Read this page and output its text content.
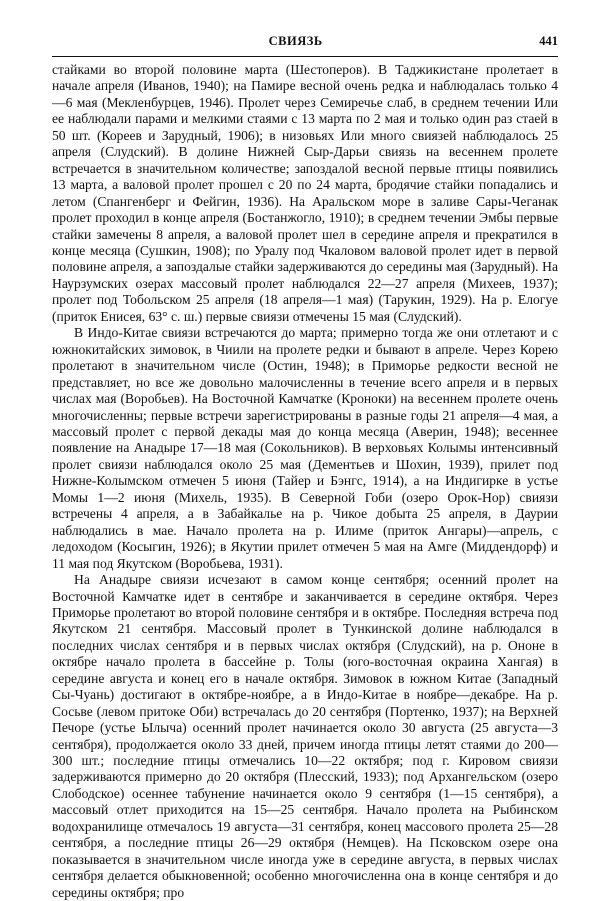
СВИЯЗЬ	441

стайками во второй половине марта (Шестоперов). В Таджикистане пролетает в начале апреля (Иванов, 1940); на Памире весной очень редка и наблюдалась только 4—6 мая (Мекленбурцев, 1946). Пролет через Семиречье слаб, в среднем течении Или ее наблюдали парами и мелкими стаями с 13 марта по 2 мая и только один раз стаей в 50 шт. (Кореев и Зарудный, 1906); в низовьях Или много свиязей наблюдалось 25 апреля (Слудский). В долине Нижней Сыр-Дарьи свиязь на весеннем пролете встречается в значительном количестве; запоздалой весной первые птицы появились 13 марта, а валовой пролет прошел с 20 по 24 марта, бродячие стайки попадались и летом (Спангенберг и Фейгин, 1936). На Аральском море в заливе Сары-Чеганак пролет проходил в конце апреля (Бостанжогло, 1910); в среднем течении Эмбы первые стайки замечены 8 апреля, а валовой пролет шел в середине апреля и прекратился в конце месяца (Сушкин, 1908); по Уралу под Чкаловом валовой пролет идет в первой половине апреля, а запоздалые стайки задерживаются до середины мая (Зарудный). На Наурзумских озерах массовый пролет наблюдался 22—27 апреля (Михеев, 1937); пролет под Тобольском 25 апреля (18 апреля—1 мая) (Тарукин, 1929). На р. Елогуе (приток Енисея, 63° с. ш.) первые свиязи отмечены 15 мая (Слудский).

В Индо-Китае свиязи встречаются до марта; примерно тогда же они отлетают и с южнокитайских зимовок, в Чиили на пролете редки и бывают в апреле. Через Корею пролетают в значительном числе (Остин, 1948); в Приморье редкости весной не представляет, но все же довольно малочисленны в течение всего апреля и в первых числах мая (Воробьев). На Восточной Камчатке (Кроноки) на весеннем пролете очень многочисленны; первые встречи зарегистрированы в разные годы 21 апреля—4 мая, а массовый пролет с первой декады мая до конца месяца (Аверин, 1948); весеннее появление на Анадыре 17—18 мая (Сокольников). В верховьях Колымы интенсивный пролет свиязи наблюдался около 25 мая (Дементьев и Шохин, 1939), прилет под Нижне-Колымском отмечен 5 июня (Тайер и Бэнгс, 1914), а на Индигирке в устье Момы 1—2 июня (Михель, 1935). В Северной Гоби (озеро Орок-Нор) свиязи встречены 4 апреля, а в Забайкалье на р. Чикое добыта 25 апреля, в Даурии наблюдались в мае. Начало пролета на р. Илиме (приток Ангары)—апрель, с ледоходом (Косыгин, 1926); в Якутии прилет отмечен 5 мая на Амге (Миддендорф) и 11 мая под Якутском (Воробьева, 1931).

На Анадыре свиязи исчезают в самом конце сентября; осенний пролет на Восточной Камчатке идет в сентябре и заканчивается в середине октября. Через Приморье пролетают во второй половине сентября и в октябре. Последняя встреча под Якутском 21 сентября. Массовый пролет в Тункинской долине наблюдался в последних числах сентября и в первых числах октября (Слудский), на р. Ононе в октябре начало пролета в бассейне р. Толы (юго-восточная окраина Хангая) в середине августа и конец его в начале октября. Зимовок в южном Китае (Западный Сы-Чуань) достигают в октябре-ноябре, а в Индо-Китае в ноябре—декабре. На р. Сосьве (левом притоке Оби) встречалась до 20 сентября (Портенко, 1937); на Верхней Печоре (устье Ылыча) осенний пролет начинается около 30 августа (25 августа—3 сентября), продолжается около 33 дней, причем иногда птицы летят стаями до 200—300 шт.; последние птицы отмечались 10—22 октября; под г. Кировом свиязи задерживаются примерно до 20 октября (Плесский, 1933); под Архангельском (озеро Слободское) осеннее табунение начинается около 9 сентября (1—15 сентября), а массовый отлет приходится на 15—25 сентября. Начало пролета на Рыбинском водохранилище отмечалось 19 августа—31 сентября, конец массового пролета 25—28 сентября, а последние птицы 26—29 октября (Немцев). На Псковском озере она показывается в значительном числе иногда уже в середине августа, в первых числах сентября делается обыкновенной; особенно многочисленна она в конце сентября и до середины октября; про
